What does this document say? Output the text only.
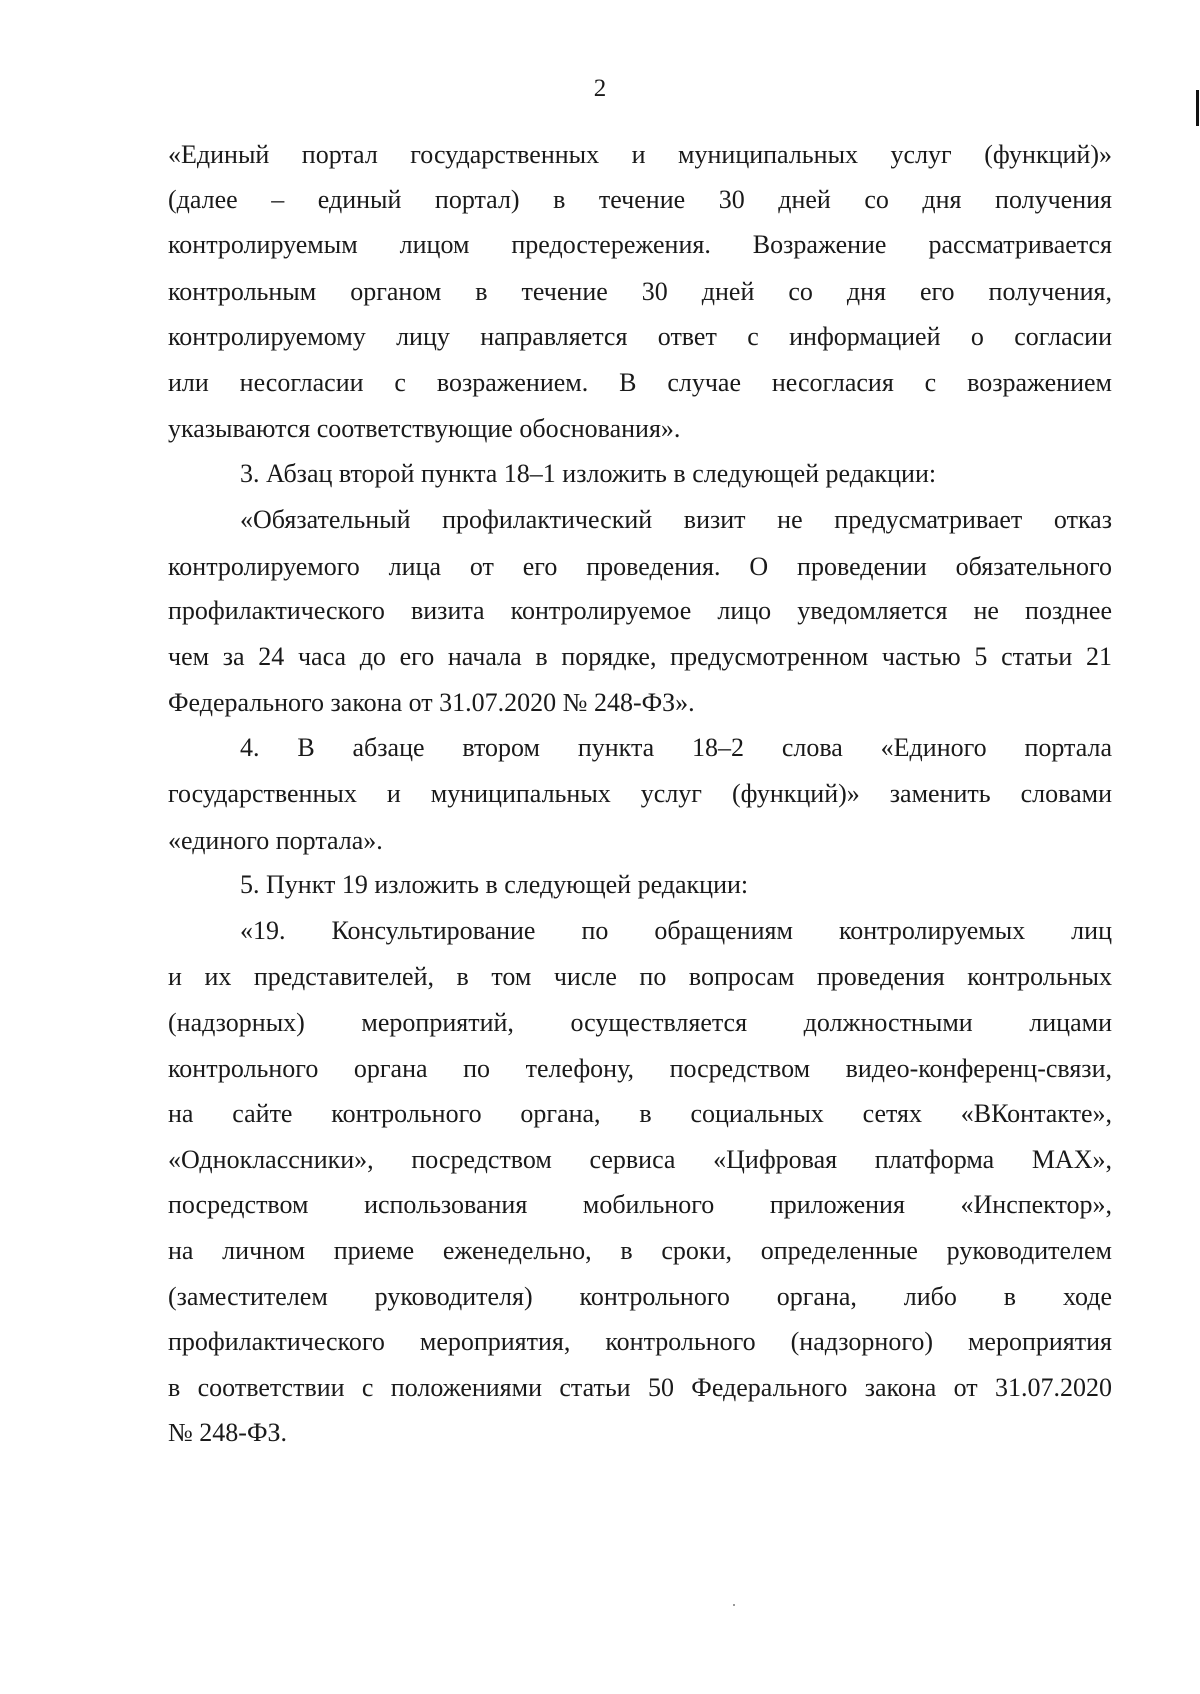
2
«Единый портал государственных и муниципальных услуг (функций)»
(далее – единый портал) в течение 30 дней со дня получения
контролируемым лицом предостережения. Возражение рассматривается
контрольным органом в течение 30 дней со дня его получения,
контролируемому лицу направляется ответ с информацией о согласии
или несогласии с возражением. В случае несогласия с возражением
указываются соответствующие обоснования».
3. Абзац второй пункта 18–1 изложить в следующей редакции:
«Обязательный профилактический визит не предусматривает отказ
контролируемого лица от его проведения. О проведении обязательного
профилактического визита контролируемое лицо уведомляется не позднее
чем за 24 часа до его начала в порядке, предусмотренном частью 5 статьи 21
Федерального закона от 31.07.2020 № 248-ФЗ».
4. В абзаце втором пункта 18–2 слова «Единого портала
государственных и муниципальных услуг (функций)» заменить словами
«единого портала».
5. Пункт 19 изложить в следующей редакции:
«19. Консультирование по обращениям контролируемых лиц
и их представителей, в том числе по вопросам проведения контрольных
(надзорных) мероприятий, осуществляется должностными лицами
контрольного органа по телефону, посредством видео-конференц-связи,
на сайте контрольного органа, в социальных сетях «ВКонтакте»,
«Одноклассники», посредством сервиса «Цифровая платформа MAX»,
посредством использования мобильного приложения «Инспектор»,
на личном приеме еженедельно, в сроки, определенные руководителем
(заместителем руководителя) контрольного органа, либо в ходе
профилактического мероприятия, контрольного (надзорного) мероприятия
в соответствии с положениями статьи 50 Федерального закона от 31.07.2020
№ 248-ФЗ.
